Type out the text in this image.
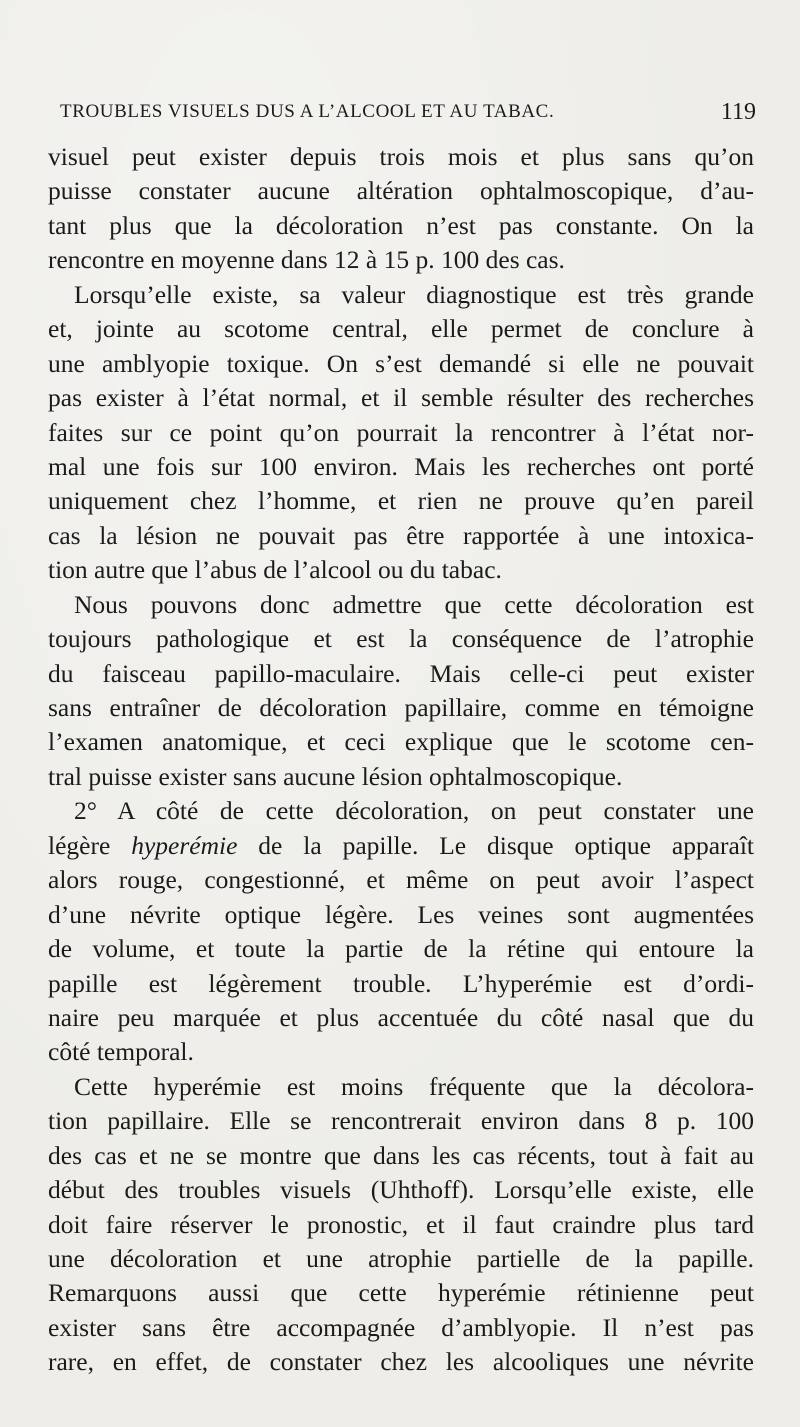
TROUBLES VISUELS DUS A L’ALCOOL ET AU TABAC.	119
visuel peut exister depuis trois mois et plus sans qu’on
puisse constater aucune altération ophtalmoscopique, d’au-
tant plus que la décoloration n’est pas constante. On la
rencontre en moyenne dans 12 à 15 p. 100 des cas.
Lorsqu’elle existe, sa valeur diagnostique est très grande
et, jointe au scotome central, elle permet de conclure à
une amblyopie toxique. On s’est demandé si elle ne pouvait
pas exister à l’état normal, et il semble résulter des recherches
faites sur ce point qu’on pourrait la rencontrer à l’état nor-
mal une fois sur 100 environ. Mais les recherches ont porté
uniquement chez l’homme, et rien ne prouve qu’en pareil
cas la lésion ne pouvait pas être rapportée à une intoxica-
tion autre que l’abus de l’alcool ou du tabac.
Nous pouvons donc admettre que cette décoloration est
toujours pathologique et est la conséquence de l’atrophie
du faisceau papillo-maculaire. Mais celle-ci peut exister
sans entraîner de décoloration papillaire, comme en témoigne
l’examen anatomique, et ceci explique que le scotome cen-
tral puisse exister sans aucune lésion ophtalmoscopique.
2° A côté de cette décoloration, on peut constater une
légère hyperémie de la papille. Le disque optique apparaît
alors rouge, congestionné, et même on peut avoir l’aspect
d’une névrite optique légère. Les veines sont augmentées
de volume, et toute la partie de la rétine qui entoure la
papille est légèrement trouble. L’hyperémie est d’ordi-
naire peu marquée et plus accentuée du côté nasal que du
côté temporal.
Cette hyperémie est moins fréquente que la décolora-
tion papillaire. Elle se rencontrerait environ dans 8 p. 100
des cas et ne se montre que dans les cas récents, tout à fait au
début des troubles visuels (Uhthoff). Lorsqu’elle existe, elle
doit faire réserver le pronostic, et il faut craindre plus tard
une décoloration et une atrophie partielle de la papille.
Remarquons aussi que cette hyperémie rétinienne peut
exister sans être accompagnée d’amblyopie. Il n’est pas
rare, en effet, de constater chez les alcooliques une névrite
